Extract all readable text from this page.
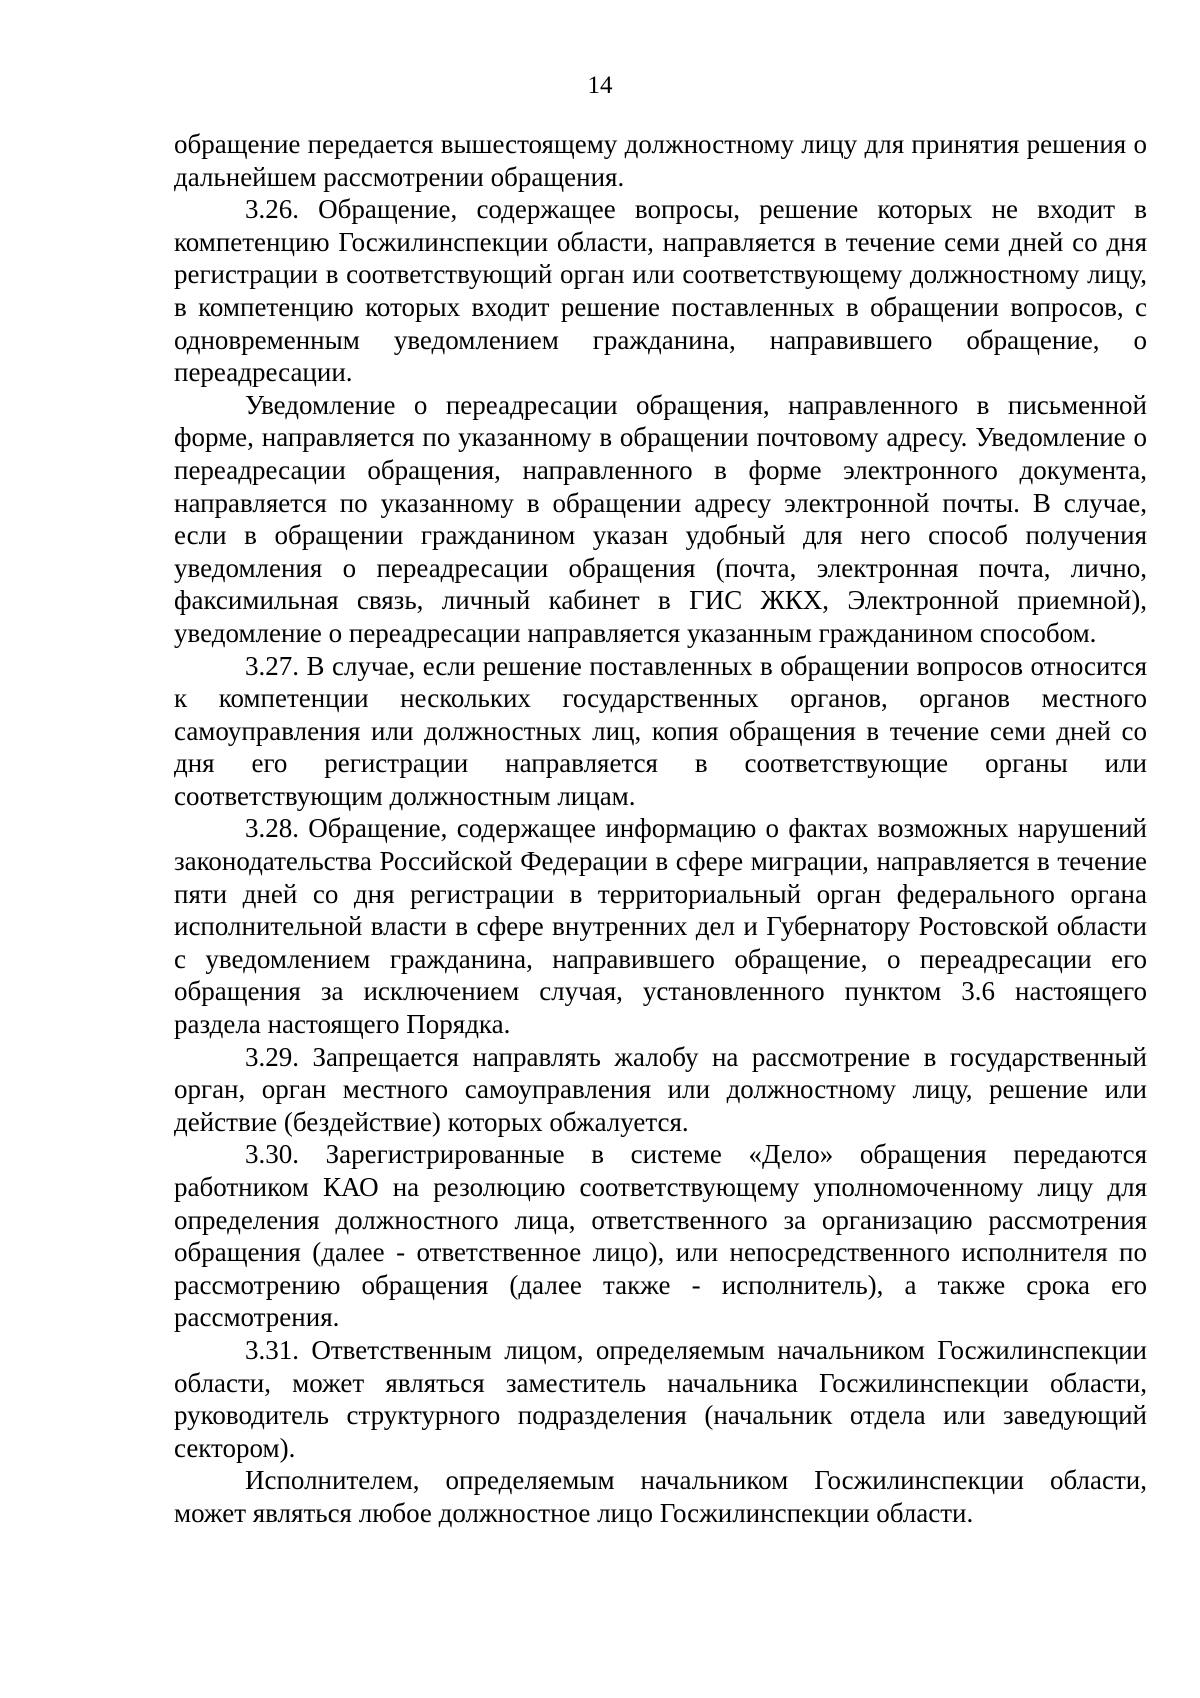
14

обращение передается вышестоящему должностному лицу для принятия решения о дальнейшем рассмотрении обращения.

3.26. Обращение, содержащее вопросы, решение которых не входит в компетенцию Госжилинспекции области, направляется в течение семи дней со дня регистрации в соответствующий орган или соответствующему должностному лицу, в компетенцию которых входит решение поставленных в обращении вопросов, с одновременным уведомлением гражданина, направившего обращение, о переадресации.

Уведомление о переадресации обращения, направленного в письменной форме, направляется по указанному в обращении почтовому адресу. Уведомление о переадресации обращения, направленного в форме электронного документа, направляется по указанному в обращении адресу электронной почты. В случае, если в обращении гражданином указан удобный для него способ получения уведомления о переадресации обращения (почта, электронная почта, лично, факсимильная связь, личный кабинет в ГИС ЖКХ, Электронной приемной), уведомление о переадресации направляется указанным гражданином способом.

3.27. В случае, если решение поставленных в обращении вопросов относится к компетенции нескольких государственных органов, органов местного самоуправления или должностных лиц, копия обращения в течение семи дней со дня его регистрации направляется в соответствующие органы или соответствующим должностным лицам.

3.28. Обращение, содержащее информацию о фактах возможных нарушений законодательства Российской Федерации в сфере миграции, направляется в течение пяти дней со дня регистрации в территориальный орган федерального органа исполнительной власти в сфере внутренних дел и Губернатору Ростовской области с уведомлением гражданина, направившего обращение, о переадресации его обращения за исключением случая, установленного пунктом 3.6 настоящего раздела настоящего Порядка.

3.29. Запрещается направлять жалобу на рассмотрение в государственный орган, орган местного самоуправления или должностному лицу, решение или действие (бездействие) которых обжалуется.

3.30. Зарегистрированные в системе «Дело» обращения передаются работником КАО на резолюцию соответствующему уполномоченному лицу для определения должностного лица, ответственного за организацию рассмотрения обращения (далее - ответственное лицо), или непосредственного исполнителя по рассмотрению обращения (далее также - исполнитель), а также срока его рассмотрения.

3.31. Ответственным лицом, определяемым начальником Госжилинспекции области, может являться заместитель начальника Госжилинспекции области, руководитель структурного подразделения (начальник отдела или заведующий сектором).

Исполнителем, определяемым начальником Госжилинспекции области, может являться любое должностное лицо Госжилинспекции области.
